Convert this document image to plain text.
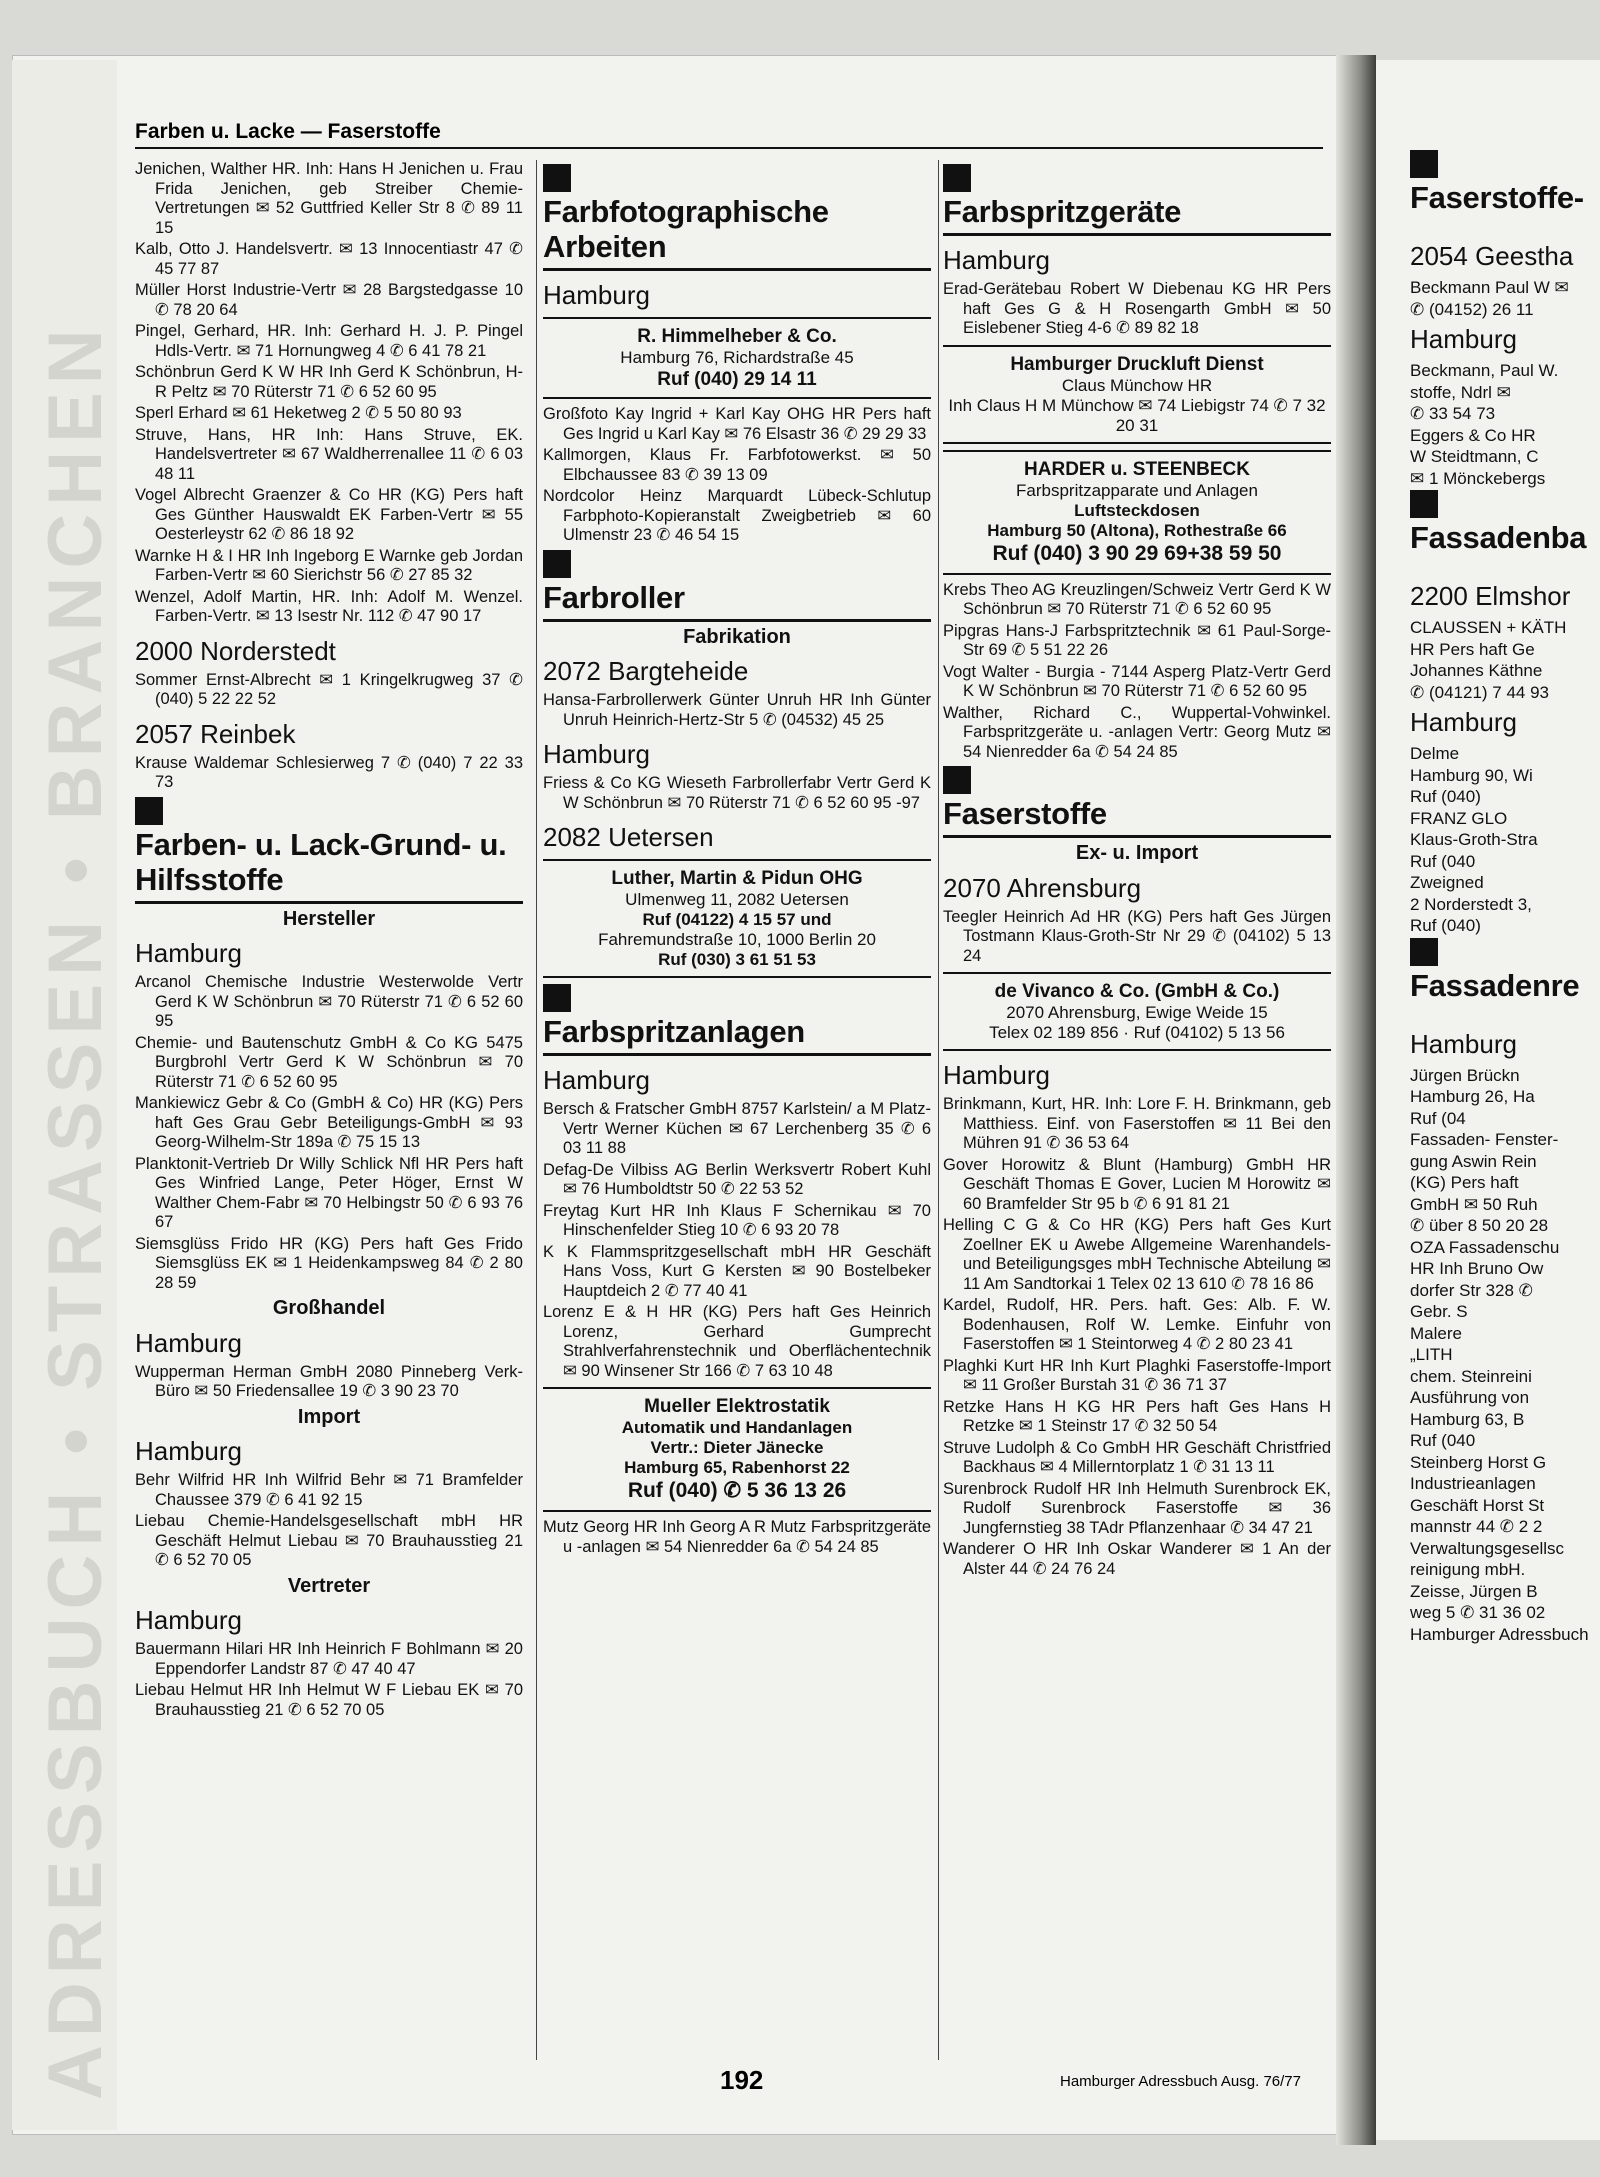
ADRESSBUCH • STRASSEN • BRANCHEN
Farben u. Lacke — Faserstoffe

Jenichen, Walther HR. Inh: Hans H Jenichen u. Frau Frida Jenichen, geb Streiber Chemie-Vertretungen ✉ 52 Guttfried Keller Str 8 ✆ 89 11 15

Kalb, Otto J. Handelsvertr. ✉ 13 Innocentiastr 47 ✆ 45 77 87

Müller Horst Industrie-Vertr ✉ 28 Bargstedgasse 10 ✆ 78 20 64

Pingel, Gerhard, HR. Inh: Gerhard H. J. P. Pingel Hdls-Vertr. ✉ 71 Hornungweg 4 ✆ 6 41 78 21

Schönbrun Gerd K W HR Inh Gerd K Schönbrun, H-R Peltz ✉ 70 Rüterstr 71 ✆ 6 52 60 95

Sperl Erhard ✉ 61 Heketweg 2 ✆ 5 50 80 93

Struve, Hans, HR Inh: Hans Struve, EK. Handelsvertreter ✉ 67 Waldherrenallee 11 ✆ 6 03 48 11

Vogel Albrecht Graenzer & Co HR (KG) Pers haft Ges Günther Hauswaldt EK Farben-Vertr ✉ 55 Oesterleystr 62 ✆ 86 18 92

Warnke H & I HR Inh Ingeborg E Warnke geb Jordan Farben-Vertr ✉ 60 Sierichstr 56 ✆ 27 85 32

Wenzel, Adolf Martin, HR. Inh: Adolf M. Wenzel. Farben-Vertr. ✉ 13 Isestr Nr. 112 ✆ 47 90 17

2000 Norderstedt

Sommer Ernst-Albrecht ✉ 1 Kringelkrugweg 37 ✆ (040) 5 22 22 52

2057 Reinbek

Krause Waldemar Schlesierweg 7 ✆ (040) 7 22 33 73

Farben- u. Lack-Grund- u. Hilfsstoffe
Hersteller
Hamburg

Arcanol Chemische Industrie Westerwolde Vertr Gerd K W Schönbrun ✉ 70 Rüterstr 71 ✆ 6 52 60 95

Chemie- und Bautenschutz GmbH & Co KG 5475 Burgbrohl Vertr Gerd K W Schönbrun ✉ 70 Rüterstr 71 ✆ 6 52 60 95

Mankiewicz Gebr & Co (GmbH & Co) HR (KG) Pers haft Ges Grau Gebr Beteiligungs-GmbH ✉ 93 Georg-Wilhelm-Str 189a ✆ 75 15 13

Planktonit-Vertrieb Dr Willy Schlick Nfl HR Pers haft Ges Winfried Lange, Peter Höger, Ernst W Walther Chem-Fabr ✉ 70 Helbingstr 50 ✆ 6 93 76 67

Siemsglüss Frido HR (KG) Pers haft Ges Frido Siemsglüss EK ✉ 1 Heidenkampsweg 84 ✆ 2 80 28 59

Großhandel
Hamburg

Wupperman Herman GmbH 2080 Pinneberg Verk-Büro ✉ 50 Friedensallee 19 ✆ 3 90 23 70

Import
Hamburg

Behr Wilfrid HR Inh Wilfrid Behr ✉ 71 Bramfelder Chaussee 379 ✆ 6 41 92 15

Liebau Chemie-Handelsgesellschaft mbH HR Geschäft Helmut Liebau ✉ 70 Brauhausstieg 21 ✆ 6 52 70 05

Vertreter
Hamburg

Bauermann Hilari HR Inh Heinrich F Bohlmann ✉ 20 Eppendorfer Landstr 87 ✆ 47 40 47

Liebau Helmut HR Inh Helmut W F Liebau EK ✉ 70 Brauhausstieg 21 ✆ 6 52 70 05

Farbfotographische Arbeiten
Hamburg
R. Himmelheber & Co.
Hamburg 76, Richardstraße 45
Ruf (040) 29 14 11

Großfoto Kay Ingrid + Karl Kay OHG HR Pers haft Ges Ingrid u Karl Kay ✉ 76 Elsastr 36 ✆ 29 29 33

Kallmorgen, Klaus Fr. Farbfotowerkst. ✉ 50 Elbchaussee 83 ✆ 39 13 09

Nordcolor Heinz Marquardt Lübeck-Schlutup Farbphoto-Kopieranstalt Zweigbetrieb ✉ 60 Ulmenstr 23 ✆ 46 54 15

Farbroller
Fabrikation
2072 Bargteheide

Hansa-Farbrollerwerk Günter Unruh HR Inh Günter Unruh Heinrich-Hertz-Str 5 ✆ (04532) 45 25

Hamburg

Friess & Co KG Wieseth Farbrollerfabr Vertr Gerd K W Schönbrun ✉ 70 Rüterstr 71 ✆ 6 52 60 95 -97

2082 Uetersen
Luther, Martin & Pidun OHG
Ulmenweg 11, 2082 Uetersen
Ruf (04122) 4 15 57 und
Fahremundstraße 10, 1000 Berlin 20
Ruf (030) 3 61 51 53
Farbspritzanlagen
Hamburg

Bersch & Fratscher GmbH 8757 Karlstein/ a M Platz-Vertr Werner Küchen ✉ 67 Lerchenberg 35 ✆ 6 03 11 88

Defag-De Vilbiss AG Berlin Werksvertr Robert Kuhl ✉ 76 Humboldtstr 50 ✆ 22 53 52

Freytag Kurt HR Inh Klaus F Schernikau ✉ 70 Hinschenfelder Stieg 10 ✆ 6 93 20 78

K K Flammspritzgesellschaft mbH HR Geschäft Hans Voss, Kurt G Kersten ✉ 90 Bostelbeker Hauptdeich 2 ✆ 77 40 41

Lorenz E & H HR (KG) Pers haft Ges Heinrich Lorenz, Gerhard Gumprecht Strahlverfahrenstechnik und Oberflächentechnik ✉ 90 Winsener Str 166 ✆ 7 63 10 48

Mueller Elektrostatik
Automatik und Handanlagen
Vertr.: Dieter Jänecke
Hamburg 65, Rabenhorst 22
Ruf (040) ✆ 5 36 13 26

Mutz Georg HR Inh Georg A R Mutz Farbspritzgeräte u -anlagen ✉ 54 Nienredder 6a ✆ 54 24 85

Farbspritzgeräte
Hamburg

Erad-Gerätebau Robert W Diebenau KG HR Pers haft Ges G & H Rosengarth GmbH ✉ 50 Eislebener Stieg 4-6 ✆ 89 82 18

Hamburger Druckluft Dienst
Claus Münchow HR
Inh Claus H M Münchow ✉ 74 Liebigstr 74 ✆ 7 32 20 31
HARDER u. STEENBECK
Farbspritzapparate und Anlagen
Luftsteckdosen
Hamburg 50 (Altona), Rothestraße 66
Ruf (040) 3 90 29 69+38 59 50

Krebs Theo AG Kreuzlingen/Schweiz Vertr Gerd K W Schönbrun ✉ 70 Rüterstr 71 ✆ 6 52 60 95

Pipgras Hans-J Farbspritztechnik ✉ 61 Paul-Sorge-Str 69 ✆ 5 51 22 26

Vogt Walter - Burgia - 7144 Asperg Platz-Vertr Gerd K W Schönbrun ✉ 70 Rüterstr 71 ✆ 6 52 60 95

Walther, Richard C., Wuppertal-Vohwinkel. Farbspritzgeräte u. -anlagen Vertr: Georg Mutz ✉ 54 Nienredder 6a ✆ 54 24 85

Faserstoffe
Ex- u. Import
2070 Ahrensburg

Teegler Heinrich Ad HR (KG) Pers haft Ges Jürgen Tostmann Klaus-Groth-Str Nr 29 ✆ (04102) 5 13 24

de Vivanco & Co. (GmbH & Co.)
2070 Ahrensburg, Ewige Weide 15
Telex 02 189 856 · Ruf (04102) 5 13 56
Hamburg

Brinkmann, Kurt, HR. Inh: Lore F. H. Brinkmann, geb Matthiess. Einf. von Faserstoffen ✉ 11 Bei den Mühren 91 ✆ 36 53 64

Gover Horowitz & Blunt (Hamburg) GmbH HR Geschäft Thomas E Gover, Lucien M Horowitz ✉ 60 Bramfelder Str 95 b ✆ 6 91 81 21

Helling C G & Co HR (KG) Pers haft Ges Kurt Zoellner EK u Awebe Allgemeine Warenhandels- und Beteiligungsges mbH Technische Abteilung ✉ 11 Am Sandtorkai 1 Telex 02 13 610 ✆ 78 16 86

Kardel, Rudolf, HR. Pers. haft. Ges: Alb. F. W. Bodenhausen, Rolf W. Lemke. Einfuhr von Faserstoffen ✉ 1 Steintorweg 4 ✆ 2 80 23 41

Plaghki Kurt HR Inh Kurt Plaghki Faserstoffe-Import ✉ 11 Großer Burstah 31 ✆ 36 71 37

Retzke Hans H KG HR Pers haft Ges Hans H Retzke ✉ 1 Steinstr 17 ✆ 32 50 54

Struve Ludolph & Co GmbH HR Geschäft Christfried Backhaus ✉ 4 Millerntorplatz 1 ✆ 31 13 11

Surenbrock Rudolf HR Inh Helmuth Surenbrock EK, Rudolf Surenbrock Faserstoffe ✉ 36 Jungfernstieg 38 TAdr Pflanzenhaar ✆ 34 47 21

Wanderer O HR Inh Oskar Wanderer ✉ 1 An der Alster 44 ✆ 24 76 24

Faserstoffe-
2054 Geestha
Beckmann Paul W ✉
✆ (04152) 26 11
Hamburg
Beckmann, Paul W.
stoffe, Ndrl ✉
✆ 33 54 73
Eggers & Co HR
W Steidtmann, C
✉ 1 Mönckebergs
Fassadenba
2200 Elmshor
CLAUSSEN + KÄTH
HR Pers haft Ge
Johannes Käthne
✆ (04121) 7 44 93
Hamburg
Delme
Hamburg 90, Wi
Ruf (040)
FRANZ GLO
Klaus-Groth-Stra
Ruf (040
Zweigned
2 Norderstedt 3,
Ruf (040)
Fassadenre
Hamburg
Jürgen Brückn
Hamburg 26, Ha
Ruf (04
Fassaden- Fenster-
gung Aswin Rein
(KG) Pers haft
GmbH ✉ 50 Ruh
✆ über 8 50 20 28
OZA Fassadenschu
HR Inh Bruno Ow
dorfer Str 328 ✆
Gebr. S
Malere
„LITH
chem. Steinreini
Ausführung von
Hamburg 63, B
Ruf (040
Steinberg Horst G
Industrieanlagen
Geschäft Horst St
mannstr 44 ✆ 2 2
Verwaltungsgesellsc
reinigung mbH.
Zeisse, Jürgen B
weg 5 ✆ 31 36 02
Hamburger Adressbuch
192	Hamburger Adressbuch Ausg. 76/77
